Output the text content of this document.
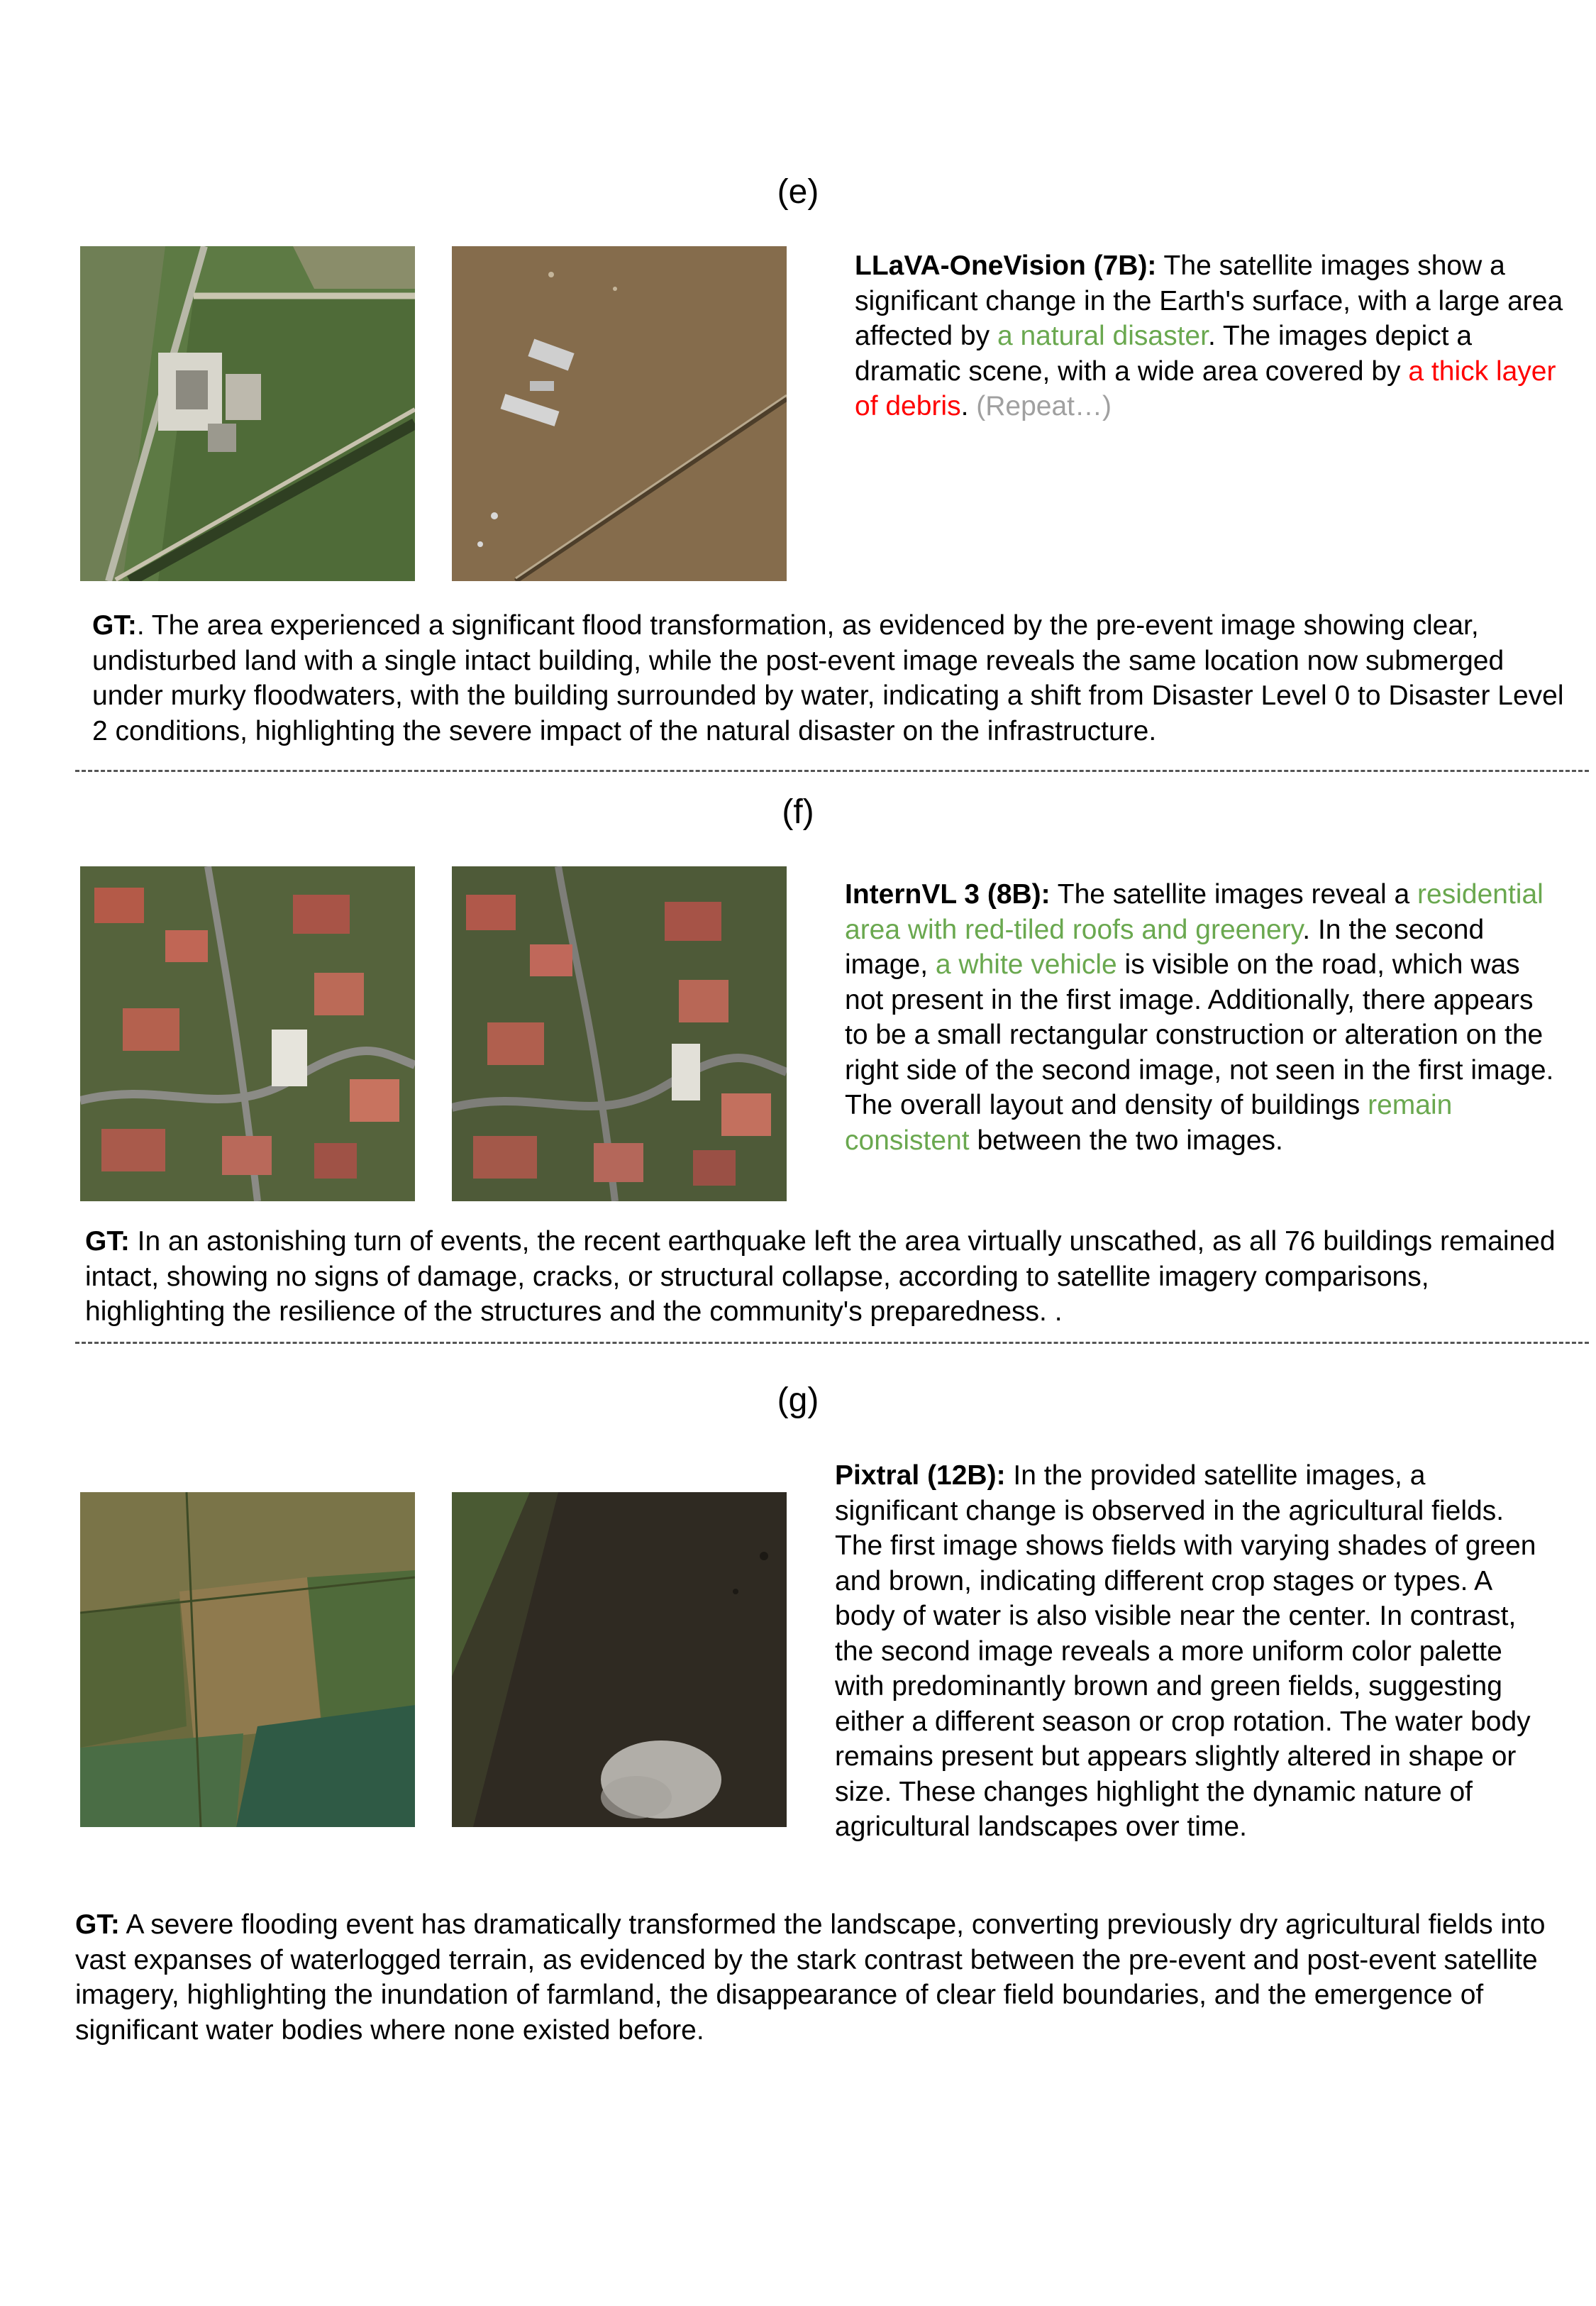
(e)
LLaVA-OneVision (7B): The satellite images show a significant change in the Earth's surface, with a large area affected by a natural disaster. The images depict a dramatic scene, with a wide area covered by a thick layer of debris. (Repeat…)
GT:. The area experienced a significant flood transformation, as evidenced by the pre-event image showing clear, undisturbed land with a single intact building, while the post-event image reveals the same location now submerged under murky floodwaters, with the building surrounded by water, indicating a shift from Disaster Level 0 to Disaster Level 2 conditions, highlighting the severe impact of the natural disaster on the infrastructure.
(f)
InternVL 3 (8B): The satellite images reveal a residential area with red-tiled roofs and greenery. In the second image, a white vehicle is visible on the road, which was not present in the first image. Additionally, there appears to be a small rectangular construction or alteration on the right side of the second image, not seen in the first image. The overall layout and density of buildings remain consistent between the two images.
GT: In an astonishing turn of events, the recent earthquake left the area virtually unscathed, as all 76 buildings remained intact, showing no signs of damage, cracks, or structural collapse, according to satellite imagery comparisons, highlighting the resilience of the structures and the community's preparedness. .
(g)
Pixtral (12B): In the provided satellite images, a significant change is observed in the agricultural fields. The first image shows fields with varying shades of green and brown, indicating different crop stages or types. A body of water is also visible near the center. In contrast, the second image reveals a more uniform color palette with predominantly brown and green fields, suggesting either a different season or crop rotation. The water body remains present but appears slightly altered in shape or size. These changes highlight the dynamic nature of agricultural landscapes over time.
GT: A severe flooding event has dramatically transformed the landscape, converting previously dry agricultural fields into vast expanses of waterlogged terrain, as evidenced by the stark contrast between the pre-event and post-event satellite imagery, highlighting the inundation of farmland, the disappearance of clear field boundaries, and the emergence of significant water bodies where none existed before.
